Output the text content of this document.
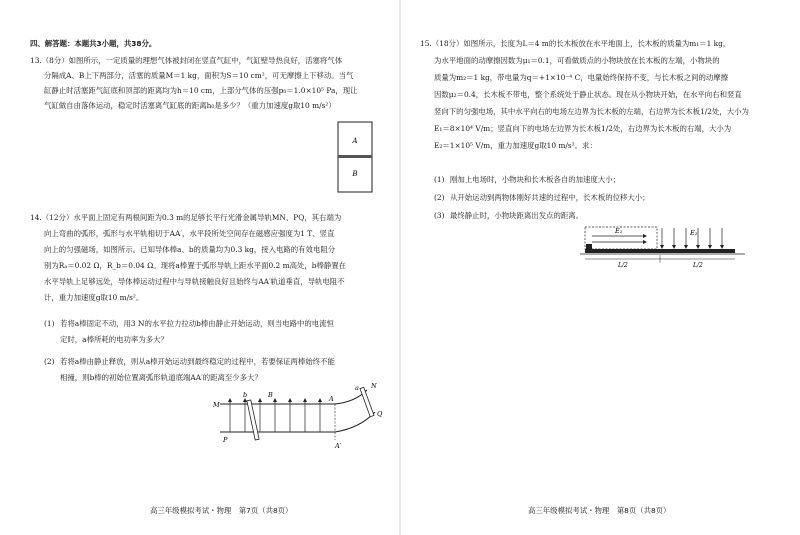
四、解答题：本题共3小题，共38分。
13.（8分）如图所示，一定质量的理想气体被封闭在竖直气缸中，气缸壁导热良好，活塞将气体
分隔成A、B上下两部分，活塞的质量M＝1 kg，面积为S＝10 cm²，可无摩擦上下移动。当气
缸静止时活塞距气缸底和顶部的距离均为h＝10 cm，上部分气体的压强p₀＝1.0×10⁵ Pa，现让
气缸做自由落体运动，稳定时活塞离气缸底的距离h₀是多少？（重力加速度g取10 m/s²）
A
B
14.（12分）水平面上固定有两根间距为0.3 m的足够长平行光滑金属导轨MN、PQ，其右端为
向上弯曲的弧形，弧形与水平轨相切于AA′，水平段所处空间存在磁感应强度为1 T、竖直
向上的匀强磁场，如图所示。已知导体棒a、b的质量均为0.3 kg，接入电路的有效电阻分
别为Rₐ＝0.02 Ω，R_b＝0.04 Ω。现将a棒置于弧形导轨上距水平面0.2 m高处，b棒静置在
水平导轨上足够远处，导体棒运动过程中与导轨接触良好且始终与AA′轨道垂直，导轨电阻不
计，重力加速度g取10 m/s²。
(1) 若将a棒固定不动，用3 N的水平拉力拉动b棒由静止开始运动，则当电路中的电流恒
定时，a棒所耗的电功率为多大？
(2) 若将a棒由静止释放，则从a棒开始运动到最终稳定的过程中，若要保证两棒始终不能
相撞，则b棒的初始位置离弧形轨道底端AA′的距离至少多大？
M
P
A
A′
B
b
a N
Q
高三年级模拟考试・物理　第7页（共8页）
15.（18分）如图所示，长度为L＝4 m的长木板放在水平地面上，长木板的质量为m₁＝1 kg，
为水平地面的动摩擦因数为μ₁＝0.1，可看做质点的小物块放在长木板的左端，小物块的
质量为m₂＝1 kg，带电量为q＝+1×10⁻⁴ C，电量始终保持不变，与长木板之间的动摩擦
因数μ₂＝0.4，长木板不带电，整个系统处于静止状态。现在从小物块开始，在水平向右和竖直
竖向下的匀强电场，其中水平向右的电场左边界为长木板的左端，右边界为长木板1/2处，大小为
E₁＝8×10⁴ V/m；竖直向下的电场左边界为长木板1/2处，右边界为长木板的右端，大小为
E₂＝1×10⁵ V/m，重力加速度g取10 m/s²。求：
(1) 刚加上电场时，小物块和长木板各自的加速度大小；
(2) 从开始运动到两物体刚好共速的过程中，长木板的位移大小；
(3) 最终静止时，小物块距离出发点的距离。
E₁	E₂
L/2	L/2
高三年级模拟考试・物理　第8页（共8页）
